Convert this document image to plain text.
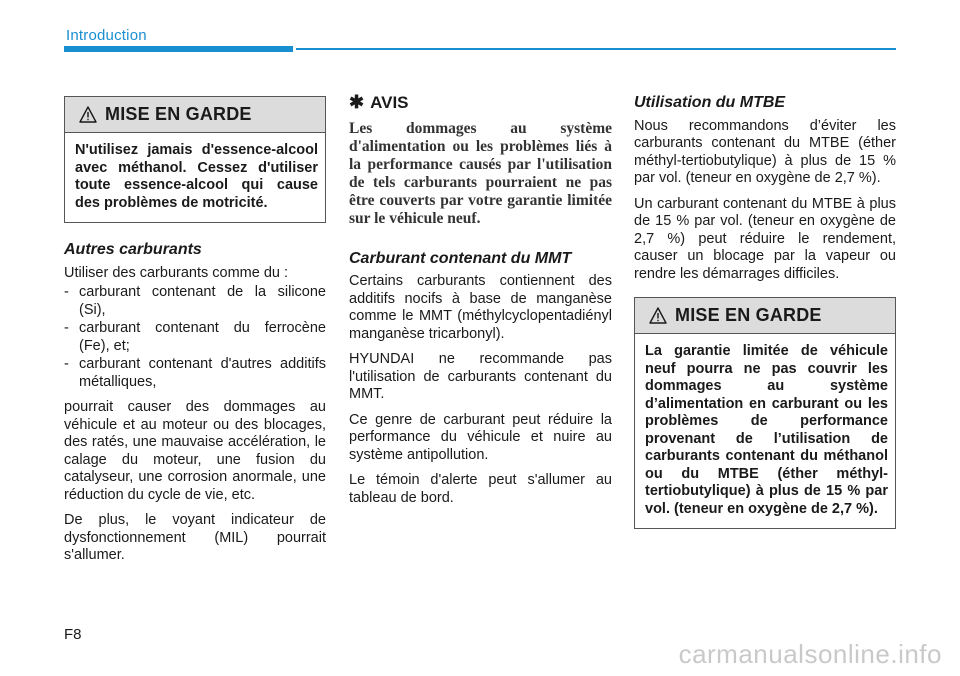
Introduction
MISE EN GARDE
N'utilisez jamais d'essence-alcool avec méthanol. Cessez d'utiliser toute essence-alcool qui cause des problèmes de motricité.

Autres carburants

Utiliser des carburants comme du :

- carburant contenant de la silicone (Si),
- carburant contenant du ferrocène (Fe), et;
- carburant contenant d'autres additifs métalliques,

pourrait causer des dommages au véhicule et au moteur ou des blocages, des ratés, une mauvaise accélération, le calage du moteur, une fusion du catalyseur, une corrosion anormale, une réduction du cycle de vie, etc.

De plus, le voyant indicateur de dysfonctionnement (MIL) pourrait s'allumer.

✱ AVIS
Les dommages au système d'alimentation ou les problèmes liés à la performance causés par l'utilisation de tels carburants pourraient ne pas être couverts par votre garantie limitée sur le véhicule neuf.

Carburant contenant du MMT

Certains carburants contiennent des additifs nocifs à base de manganèse comme le MMT (méthylcyclopentadiényl manganèse tricarbonyl).

HYUNDAI ne recommande pas l'utilisation de carburants contenant du MMT.

Ce genre de carburant peut réduire la performance du véhicule et nuire au système antipollution.

Le témoin d'alerte peut s'allumer au tableau de bord.

Utilisation du MTBE

Nous recommandons d’éviter les carburants contenant du MTBE (éther méthyl-tertiobutylique) à plus de 15 % par vol. (teneur en oxygène de 2,7 %).

Un carburant contenant du MTBE à plus de 15 % par vol. (teneur en oxygène de 2,7 %) peut réduire le rendement, causer un blocage par la vapeur ou rendre les démarrages difficiles.

MISE EN GARDE
La garantie limitée de véhicule neuf pourra ne pas couvrir les dommages au système d’alimentation en carburant ou les problèmes de performance provenant de l’utilisation de carburants contenant du méthanol ou du MTBE (éther méthyl-tertiobutylique) à plus de 15 % par vol. (teneur en oxygène de 2,7 %).
F8
carmanualsonline.info
